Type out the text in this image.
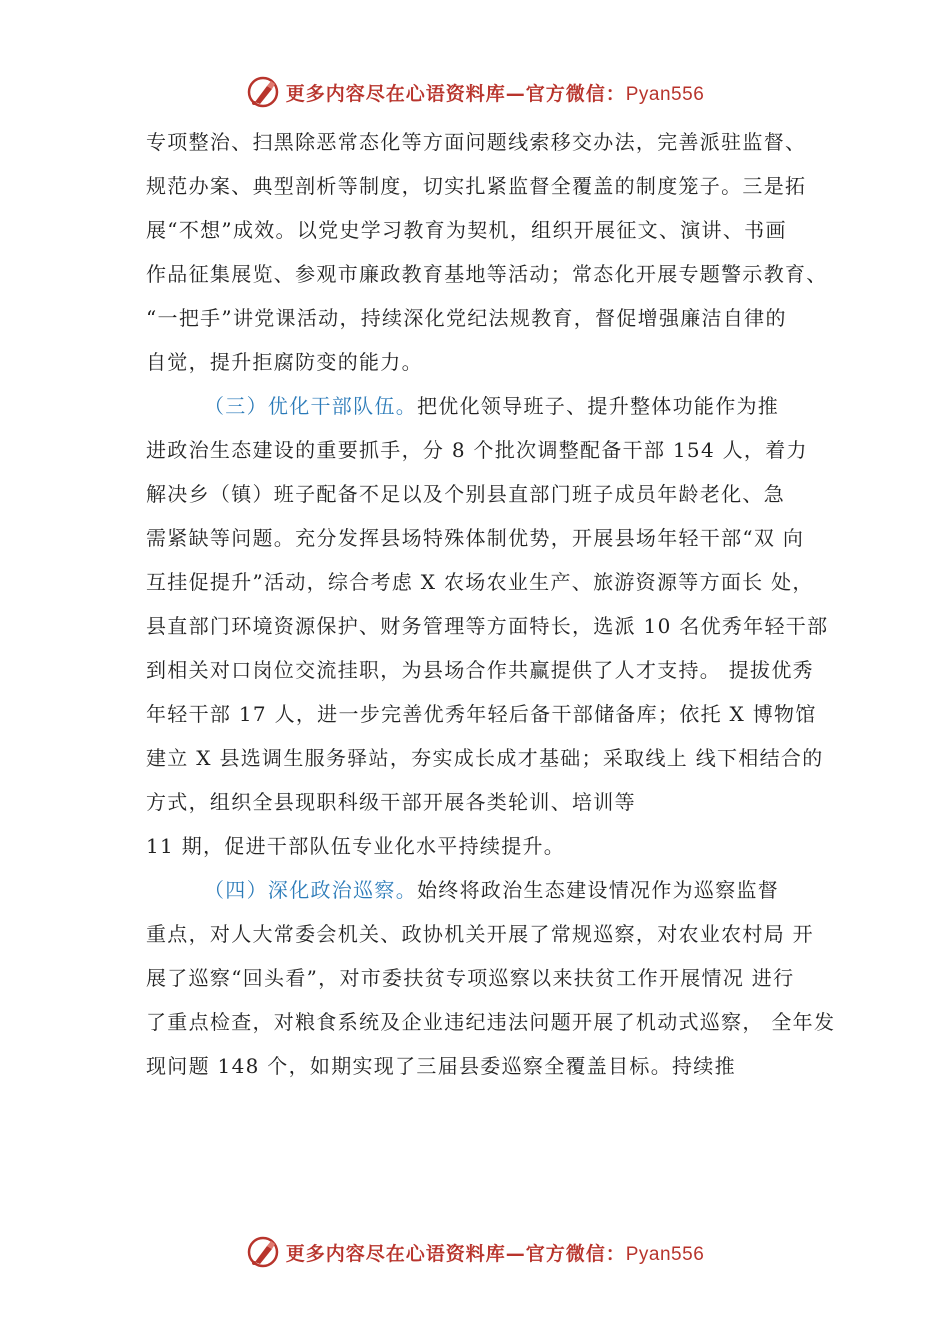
更多内容尽在心语资料库—官方微信：Pyan556
专项整治、扫黑除恶常态化等方面问题线索移交办法，完善派驻监督、
规范办案、典型剖析等制度，切实扎紧监督全覆盖的制度笼子。三是拓
展“不想”成效。以党史学习教育为契机，组织开展征文、演讲、书画
作品征集展览、参观市廉政教育基地等活动；常态化开展专题警示教育、
“一把手”讲党课活动，持续深化党纪法规教育，督促增强廉洁自律的
自觉，提升拒腐防变的能力。
（三）优化干部队伍。把优化领导班子、提升整体功能作为推
进政治生态建设的重要抓手，分 8 个批次调整配备干部 154 人，着力
解决乡（镇）班子配备不足以及个别县直部门班子成员年龄老化、急
需紧缺等问题。充分发挥县场特殊体制优势，开展县场年轻干部“双 向
互挂促提升”活动，综合考虑 X 农场农业生产、旅游资源等方面长 处，
县直部门环境资源保护、财务管理等方面特长，选派 10 名优秀年轻干部
到相关对口岗位交流挂职，为县场合作共赢提供了人才支持。 提拔优秀
年轻干部 17 人，进一步完善优秀年轻后备干部储备库；依托 X 博物馆
建立 X 县选调生服务驿站，夯实成长成才基础；采取线上 线下相结合的
方式，组织全县现职科级干部开展各类轮训、培训等
11 期，促进干部队伍专业化水平持续提升。
（四）深化政治巡察。始终将政治生态建设情况作为巡察监督
重点，对人大常委会机关、政协机关开展了常规巡察，对农业农村局 开
展了巡察“回头看”，对市委扶贫专项巡察以来扶贫工作开展情况 进行
了重点检查，对粮食系统及企业违纪违法问题开展了机动式巡察， 全年发
现问题 148 个，如期实现了三届县委巡察全覆盖目标。持续推
更多内容尽在心语资料库—官方微信：Pyan556
